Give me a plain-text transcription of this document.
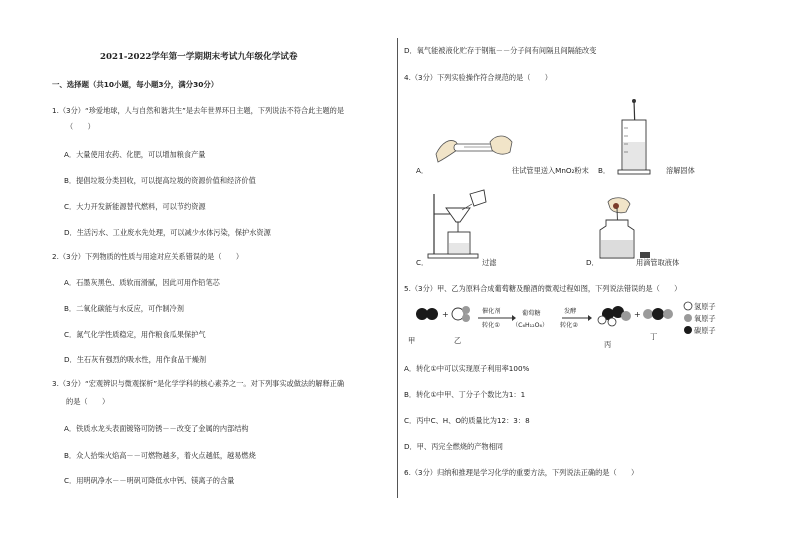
2021-2022学年第一学期期末考试九年级化学试卷
一、选择题（共10小题，每小题3分，满分30分）
1.（3分）“珍爱地球，人与自然和谐共生”是去年世界环日主题，下列说法不符合此主题的是
（　　）
A．大量使用农药、化肥，可以增加粮食产量
B．提倡垃圾分类回收，可以提高垃圾的资源价值和经济价值
C．大力开发新能源替代燃料，可以节约资源
D．生活污水、工业废水先处理，可以减少水体污染，保护水资源
2.（3分）下列物质的性质与用途对应关系错误的是（　　）
A．石墨灰黑色、质软而滑腻，因此可用作铅笔芯
B．二氧化碳能与水反应，可作制冷剂
C．氮气化学性质稳定，用作粮食瓜果保护气
D．生石灰有强烈的吸水性，用作食品干燥剂
3.（3分）“宏观辨识与微观探析”是化学学科的核心素养之一。对下列事实或做法的解释正确
的是（　　）
A．铁质水龙头表面镀铬可防锈－－改变了金属的内部结构
B．众人拾柴火焰高－－可燃物越多，着火点越低，越易燃烧
C．用明矾净水－－明矾可降低水中钙、镁离子的含量
D．氧气能被液化贮存于钢瓶－－分子间有间隔且间隔能改变
4.（3分）下列实验操作符合规范的是（　　）
A．	往试管里送入MnO₂粉末 B．	溶解固体
C．	过滤	D．	用滴管取液体
5.（3分）甲、乙为原料合成葡萄糖及酿酒的微观过程如图，下列说法错误的是（　　）
+	+
催化剂
转化①
葡萄糖
（C₆H₁₂O₆）
发酵
转化②
甲	乙	丙
丁
氢原子
氧原子
碳原子
A．转化①中可以实现原子利用率100%
B．转化①中甲、丁分子个数比为1：1
C．丙中C、H、O的质量比为12：3：8
D．甲、丙完全燃烧的产物相同
6.（3分）归纳和推理是学习化学的重要方法，下列说法正确的是（　　）
